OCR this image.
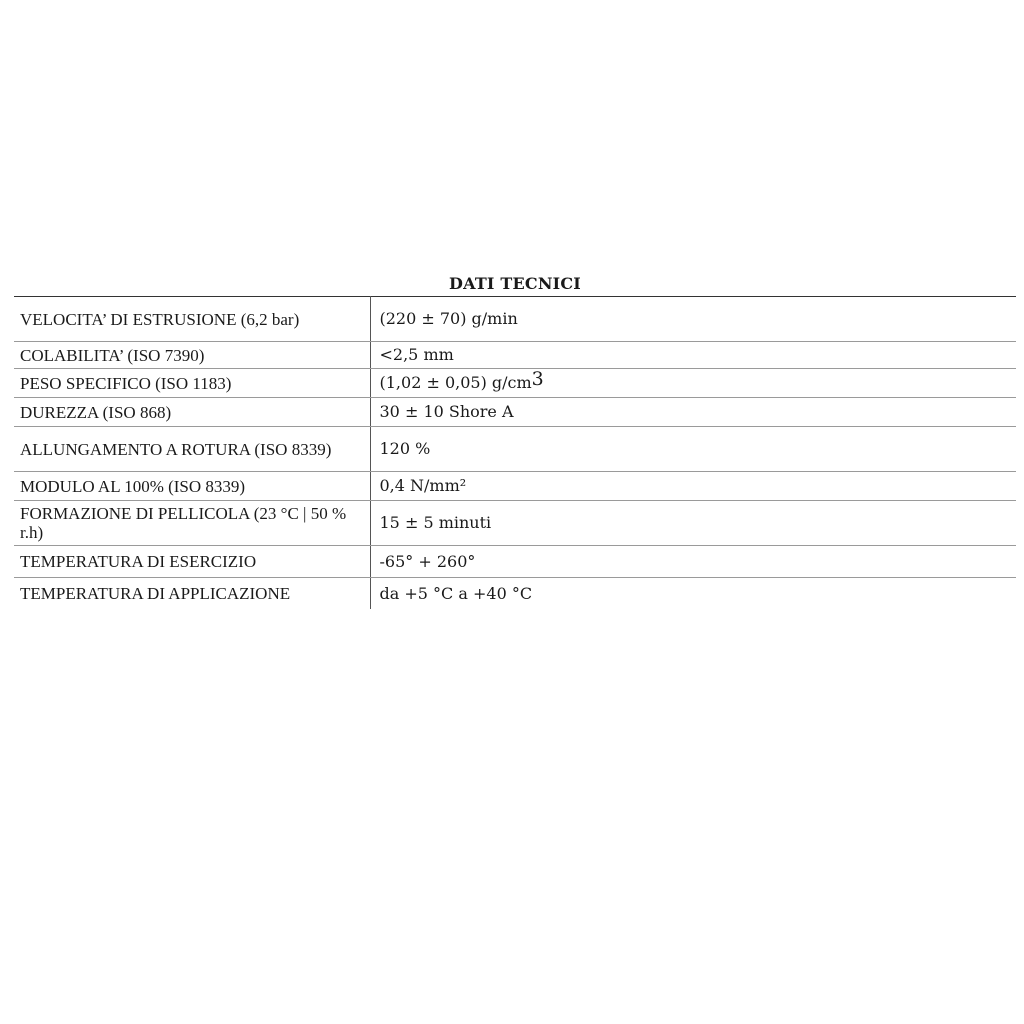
DATI TECNICI
VELOCITA’ DI ESTRUSIONE (6,2 bar)	(220 ± 70) g/min
COLABILITA’ (ISO 7390)	<2,5 mm
PESO SPECIFICO (ISO 1183)	(1,02 ± 0,05) $g/cm^3$
DUREZZA (ISO 868)	30 ± 10 Shore A
ALLUNGAMENTO A ROTURA (ISO 8339)	120 %
MODULO AL 100% (ISO 8339)	0,4 N/mm²
FORMAZIONE DI PELLICOLA (23 °C | 50 % r.h)	15 ± 5 minuti
TEMPERATURA DI ESERCIZIO	-65° + 260°
TEMPERATURA DI APPLICAZIONE	da +5 °C a +40 °C
